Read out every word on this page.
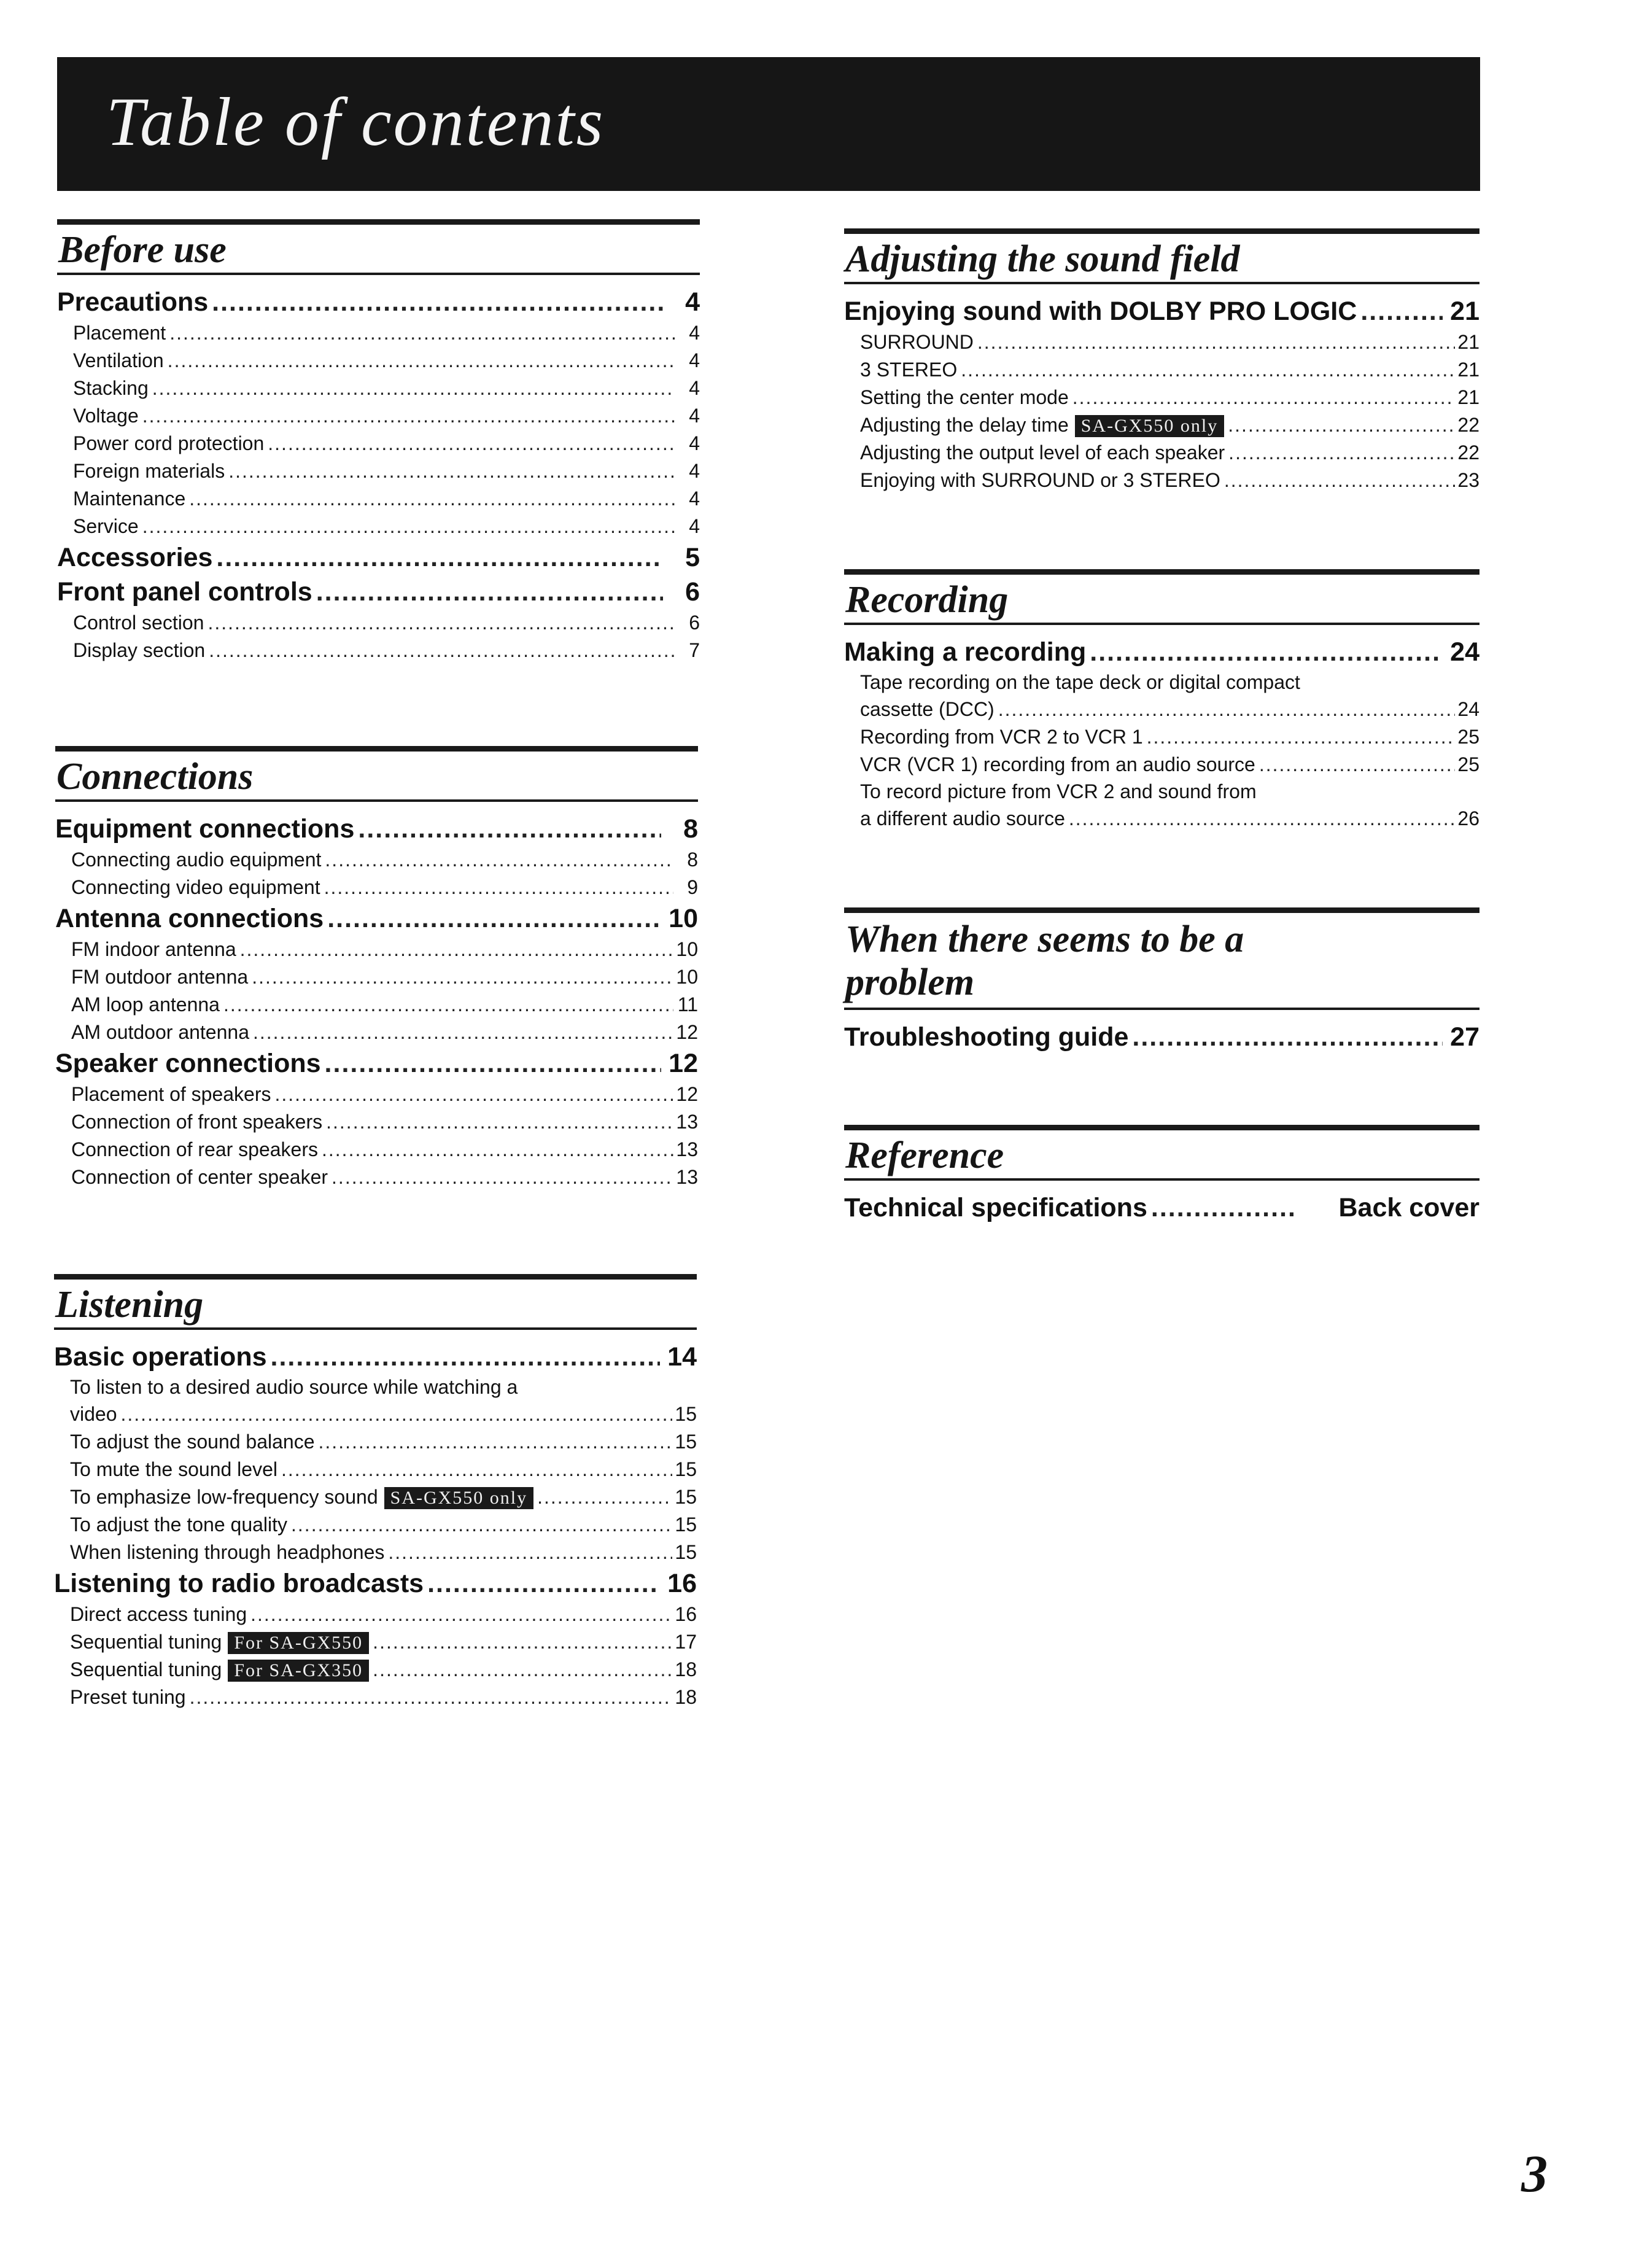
Table of contents
Before use
Precautions .....	4
Placement .....	4
Ventilation .....	4
Stacking .....	4
Voltage .....	4
Power cord protection .....	4
Foreign materials .....	4
Maintenance .....	4
Service .....	4
Accessories .....	5
Front panel controls .....	6
Control section .....	6
Display section .....	7
Connections
Equipment connections .....	8
Connecting audio equipment .....	8
Connecting video equipment .....	9
Antenna connections .....	10
FM indoor antenna .....	10
FM outdoor antenna .....	10
AM loop antenna .....	11
AM outdoor antenna .....	12
Speaker connections .....	12
Placement of speakers .....	12
Connection of front speakers .....	13
Connection of rear speakers .....	13
Connection of center speaker .....	13
Listening
Basic operations .....	14
To listen to a desired audio source while watching a
video .....	15
To adjust the sound balance .....	15
To mute the sound level .....	15
To emphasize low-frequency sound SA-GX550 only .....	15
To adjust the tone quality .....	15
When listening through headphones .....	15
Listening to radio broadcasts .....	16
Direct access tuning .....	16
Sequential tuning For SA-GX550 .....	17
Sequential tuning For SA-GX350 .....	18
Preset tuning .....	18
Adjusting the sound field
Enjoying sound with DOLBY PRO LOGIC .....	21
SURROUND .....	21
3 STEREO .....	21
Setting the center mode .....	21
Adjusting the delay time SA-GX550 only .....	22
Adjusting the output level of each speaker .....	22
Enjoying with SURROUND or 3 STEREO .....	23
Recording
Making a recording .....	24
Tape recording on the tape deck or digital compact
cassette (DCC) .....	24
Recording from VCR 2 to VCR 1 .....	25
VCR (VCR 1) recording from an audio source .....	25
To record picture from VCR 2 and sound from
a different audio source .....	26
When there seems to be a problem
Troubleshooting guide .....	27
Reference
Technical specifications .....	Back cover
3
